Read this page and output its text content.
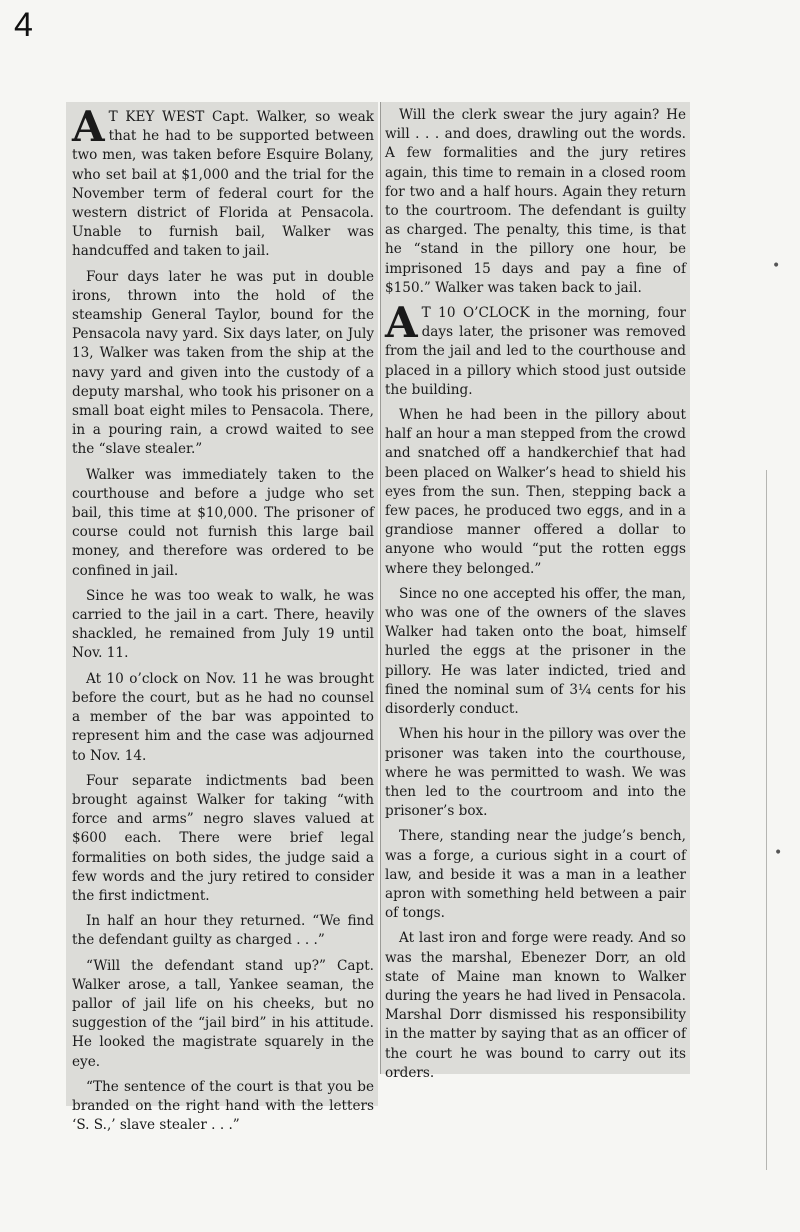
4

A T KEY WEST Capt. Walker, so weak that he had to be supported between two men, was taken before Esquire Bolany, who set bail at $1,000 and the trial for the November term of federal court for the western district of Florida at Pensacola. Unable to furnish bail, Walker was handcuffed and taken to jail.

Four days later he was put in double irons, thrown into the hold of the steamship General Taylor, bound for the Pensacola navy yard. Six days later, on July 13, Walker was taken from the ship at the navy yard and given into the custody of a deputy marshal, who took his prisoner on a small boat eight miles to Pensacola. There, in a pouring rain, a crowd waited to see the “slave stealer.”

Walker was immediately taken to the courthouse and before a judge who set bail, this time at $10,000. The prisoner of course could not furnish this large bail money, and therefore was ordered to be confined in jail.

Since he was too weak to walk, he was carried to the jail in a cart. There, heavily shackled, he remained from July 19 until Nov. 11.

At 10 o’clock on Nov. 11 he was brought before the court, but as he had no counsel a member of the bar was appointed to represent him and the case was adjourned to Nov. 14.

Four separate indictments bad been brought against Walker for taking “with force and arms” negro slaves valued at $600 each. There were brief legal formalities on both sides, the judge said a few words and the jury retired to consider the first indictment.

In half an hour they returned. “We find the defendant guilty as charged . . .”

“Will the defendant stand up?” Capt. Walker arose, a tall, Yankee seaman, the pallor of jail life on his cheeks, but no suggestion of the “jail bird” in his attitude. He looked the magistrate squarely in the eye.

“The sentence of the court is that you be branded on the right hand with the letters ‘S. S.,’ slave stealer . . .”

Will the clerk swear the jury again? He will . . . and does, drawling out the words. A few formalities and the jury retires again, this time to remain in a closed room for two and a half hours. Again they return to the courtroom. The defendant is guilty as charged. The penalty, this time, is that he “stand in the pillory one hour, be imprisoned 15 days and pay a fine of $150.” Walker was taken back to jail.

A T 10 O’CLOCK in the morning, four days later, the prisoner was removed from the jail and led to the courthouse and placed in a pillory which stood just outside the building.

When he had been in the pillory about half an hour a man stepped from the crowd and snatched off a handkerchief that had been placed on Walker’s head to shield his eyes from the sun. Then, stepping back a few paces, he produced two eggs, and in a grandiose manner offered a dollar to anyone who would “put the rotten eggs where they belonged.”

Since no one accepted his offer, the man, who was one of the owners of the slaves Walker had taken onto the boat, himself hurled the eggs at the prisoner in the pillory. He was later indicted, tried and fined the nominal sum of 3¼ cents for his disorderly conduct.

When his hour in the pillory was over the prisoner was taken into the courthouse, where he was permitted to wash. We was then led to the courtroom and into the prisoner’s box.

There, standing near the judge’s bench, was a forge, a curious sight in a court of law, and beside it was a man in a leather apron with something held between a pair of tongs.

At last iron and forge were ready. And so was the marshal, Ebenezer Dorr, an old state of Maine man known to Walker during the years he had lived in Pensacola. Marshal Dorr dismissed his responsibility in the matter by saying that as an officer of the court he was bound to carry out its orders.

•
•
